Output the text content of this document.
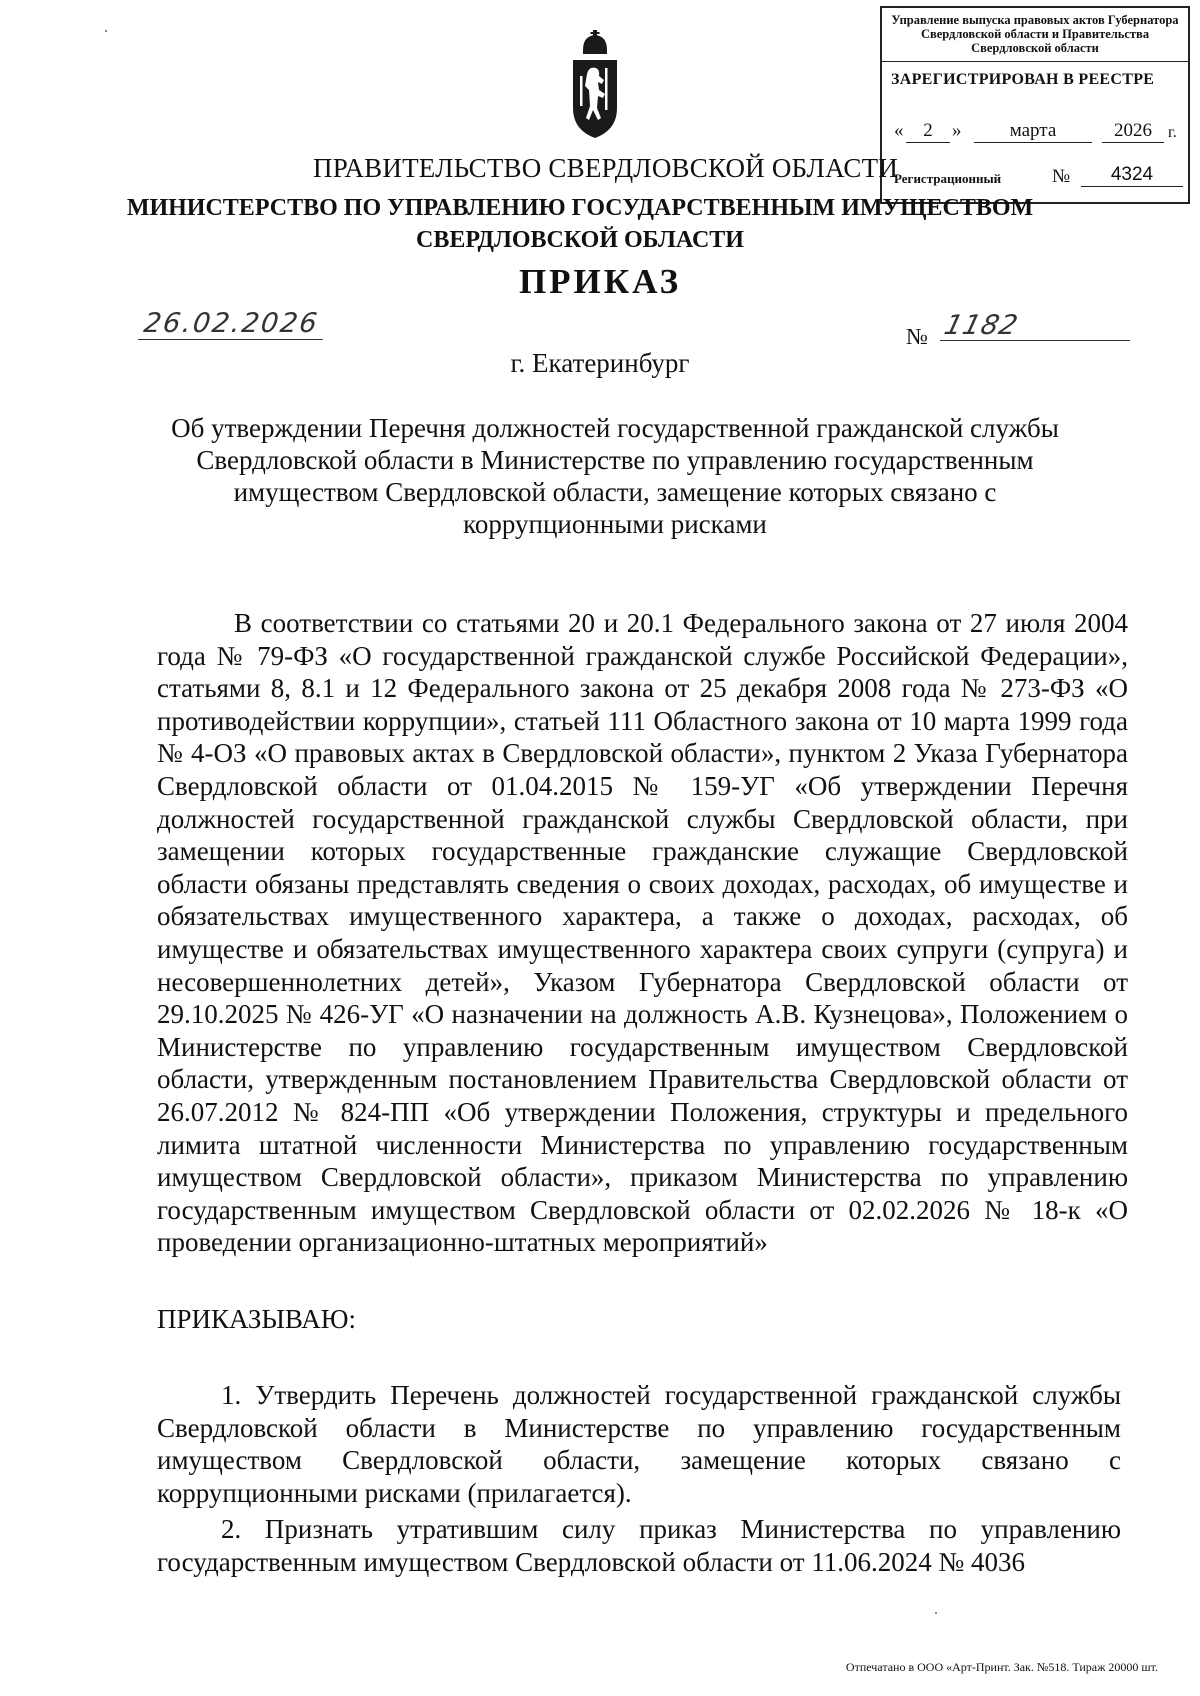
Управление выпуска правовых актов Губернатора Свердловской области и Правительства Свердловской области
ЗАРЕГИСТРИРОВАН В РЕЕСТРЕ
«	2	»	марта	2026	г.
Регистрационный	№	4324
ПРАВИТЕЛЬСТВО СВЕРДЛОВСКОЙ ОБЛАСТИ
МИНИСТЕРСТВО ПО УПРАВЛЕНИЮ ГОСУДАРСТВЕННЫМ ИМУЩЕСТВОМ СВЕРДЛОВСКОЙ ОБЛАСТИ
ПРИКАЗ
26.02.2026	№ 1182
г. Екатеринбург
Об утверждении Перечня должностей государственной гражданской службы Свердловской области в Министерстве по управлению государственным имуществом Свердловской области, замещение которых связано с коррупционными рисками
В соответствии со статьями 20 и 20.1 Федерального закона от 27 июля 2004 года № 79-ФЗ «О государственной гражданской службе Российской Федерации», статьями 8, 8.1 и 12 Федерального закона от 25 декабря 2008 года № 273-ФЗ «О противодействии коррупции», статьей 111 Областного закона от 10 марта 1999 года № 4-ОЗ «О правовых актах в Свердловской области», пунктом 2 Указа Губернатора Свердловской области от 01.04.2015 № 159-УГ «Об утверждении Перечня должностей государственной гражданской службы Свердловской области, при замещении которых государственные гражданские служащие Свердловской области обязаны представлять сведения о своих доходах, расходах, об имуществе и обязательствах имущественного характера, а также о доходах, расходах, об имуществе и обязательствах имущественного характера своих супруги (супруга) и несовершеннолетних детей», Указом Губернатора Свердловской области от 29.10.2025 № 426-УГ «О назначении на должность А.В. Кузнецова», Положением о Министерстве по управлению государственным имуществом Свердловской области, утвержденным постановлением Правительства Свердловской области от 26.07.2012 № 824-ПП «Об утверждении Положения, структуры и предельного лимита штатной численности Министерства по управлению государственным имуществом Свердловской области», приказом Министерства по управлению государственным имуществом Свердловской области от 02.02.2026 № 18-к «О проведении организационно-штатных мероприятий»
ПРИКАЗЫВАЮ:
1. Утвердить Перечень должностей государственной гражданской службы Свердловской области в Министерстве по управлению государственным имуществом Свердловской области, замещение которых связано с коррупционными рисками (прилагается).
2. Признать утратившим силу приказ Министерства по управлению государственным имуществом Свердловской области от 11.06.2024 № 4036
Отпечатано в ООО «Арт-Принт. Зак. №518. Тираж 20000 шт.
